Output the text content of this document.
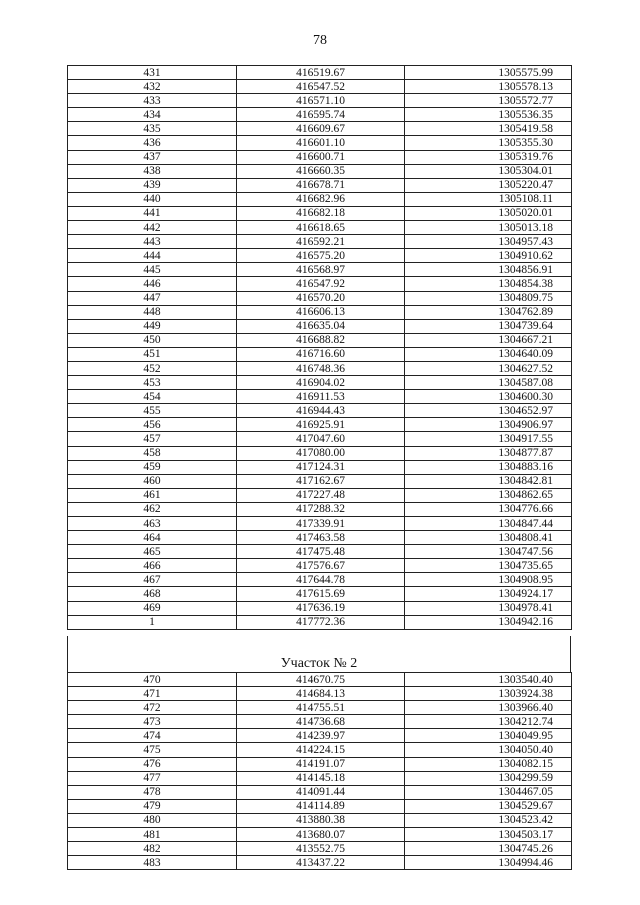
78
431	416519.67	1305575.99
432	416547.52	1305578.13
433	416571.10	1305572.77
434	416595.74	1305536.35
435	416609.67	1305419.58
436	416601.10	1305355.30
437	416600.71	1305319.76
438	416660.35	1305304.01
439	416678.71	1305220.47
440	416682.96	1305108.11
441	416682.18	1305020.01
442	416618.65	1305013.18
443	416592.21	1304957.43
444	416575.20	1304910.62
445	416568.97	1304856.91
446	416547.92	1304854.38
447	416570.20	1304809.75
448	416606.13	1304762.89
449	416635.04	1304739.64
450	416688.82	1304667.21
451	416716.60	1304640.09
452	416748.36	1304627.52
453	416904.02	1304587.08
454	416911.53	1304600.30
455	416944.43	1304652.97
456	416925.91	1304906.97
457	417047.60	1304917.55
458	417080.00	1304877.87
459	417124.31	1304883.16
460	417162.67	1304842.81
461	417227.48	1304862.65
462	417288.32	1304776.66
463	417339.91	1304847.44
464	417463.58	1304808.41
465	417475.48	1304747.56
466	417576.67	1304735.65
467	417644.78	1304908.95
468	417615.69	1304924.17
469	417636.19	1304978.41
1	417772.36	1304942.16
Участок № 2
470	414670.75	1303540.40
471	414684.13	1303924.38
472	414755.51	1303966.40
473	414736.68	1304212.74
474	414239.97	1304049.95
475	414224.15	1304050.40
476	414191.07	1304082.15
477	414145.18	1304299.59
478	414091.44	1304467.05
479	414114.89	1304529.67
480	413880.38	1304523.42
481	413680.07	1304503.17
482	413552.75	1304745.26
483	413437.22	1304994.46
